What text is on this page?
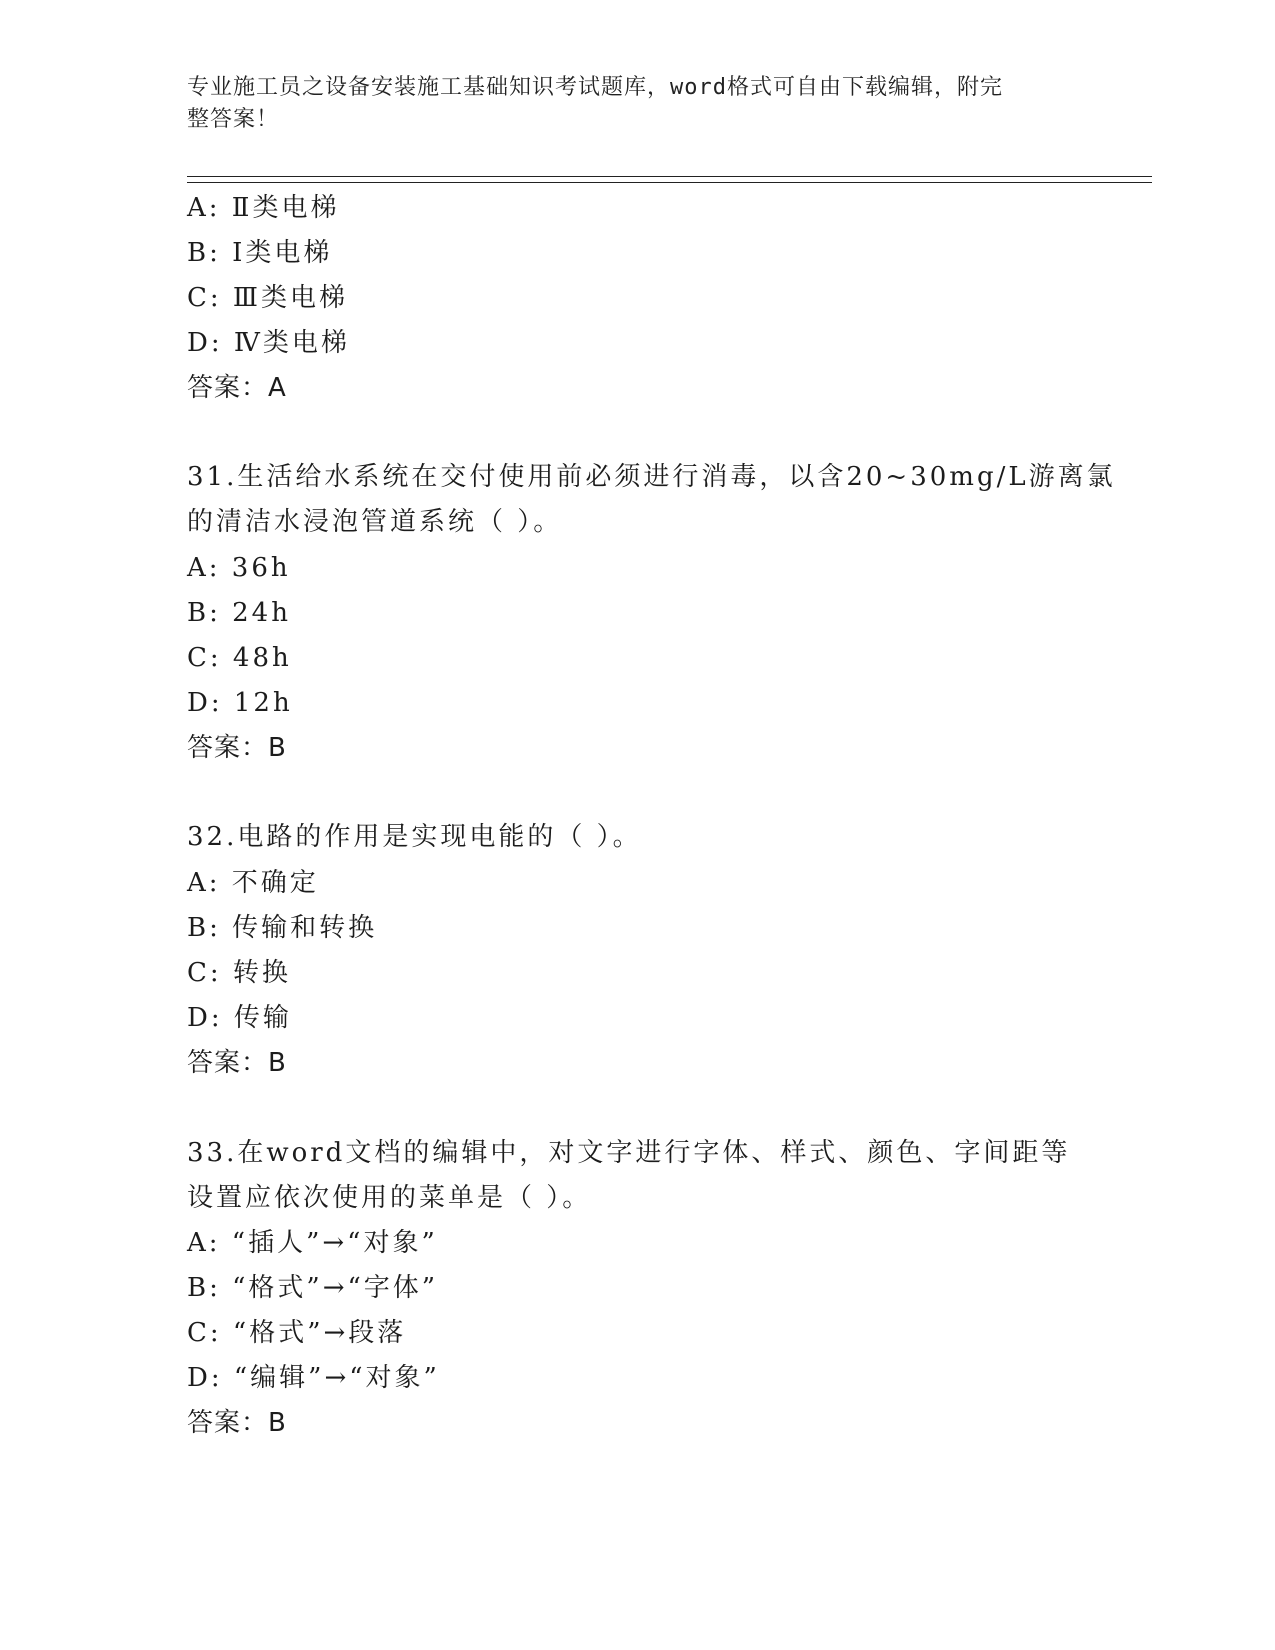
专业施工员之设备安装施工基础知识考试题库，word格式可自由下载编辑，附完
整答案！
A: Ⅱ类电梯
B: Ⅰ类电梯
C: Ⅲ类电梯
D: Ⅳ类电梯
答案：A
31.生活给水系统在交付使用前必须进行消毒，以含20~30mg/L游离氯
的清洁水浸泡管道系统（ ）。
A: 36h
B: 24h
C: 48h
D: 12h
答案：B
32.电路的作用是实现电能的（ ）。
A: 不确定
B: 传输和转换
C: 转换
D: 传输
答案：B
33.在word文档的编辑中，对文字进行字体、样式、颜色、字间距等
设置应依次使用的菜单是（ ）。
A: “插人”→“对象”
B: “格式”→“字体”
C: “格式”→段落
D: “编辑”→“对象”
答案：B
